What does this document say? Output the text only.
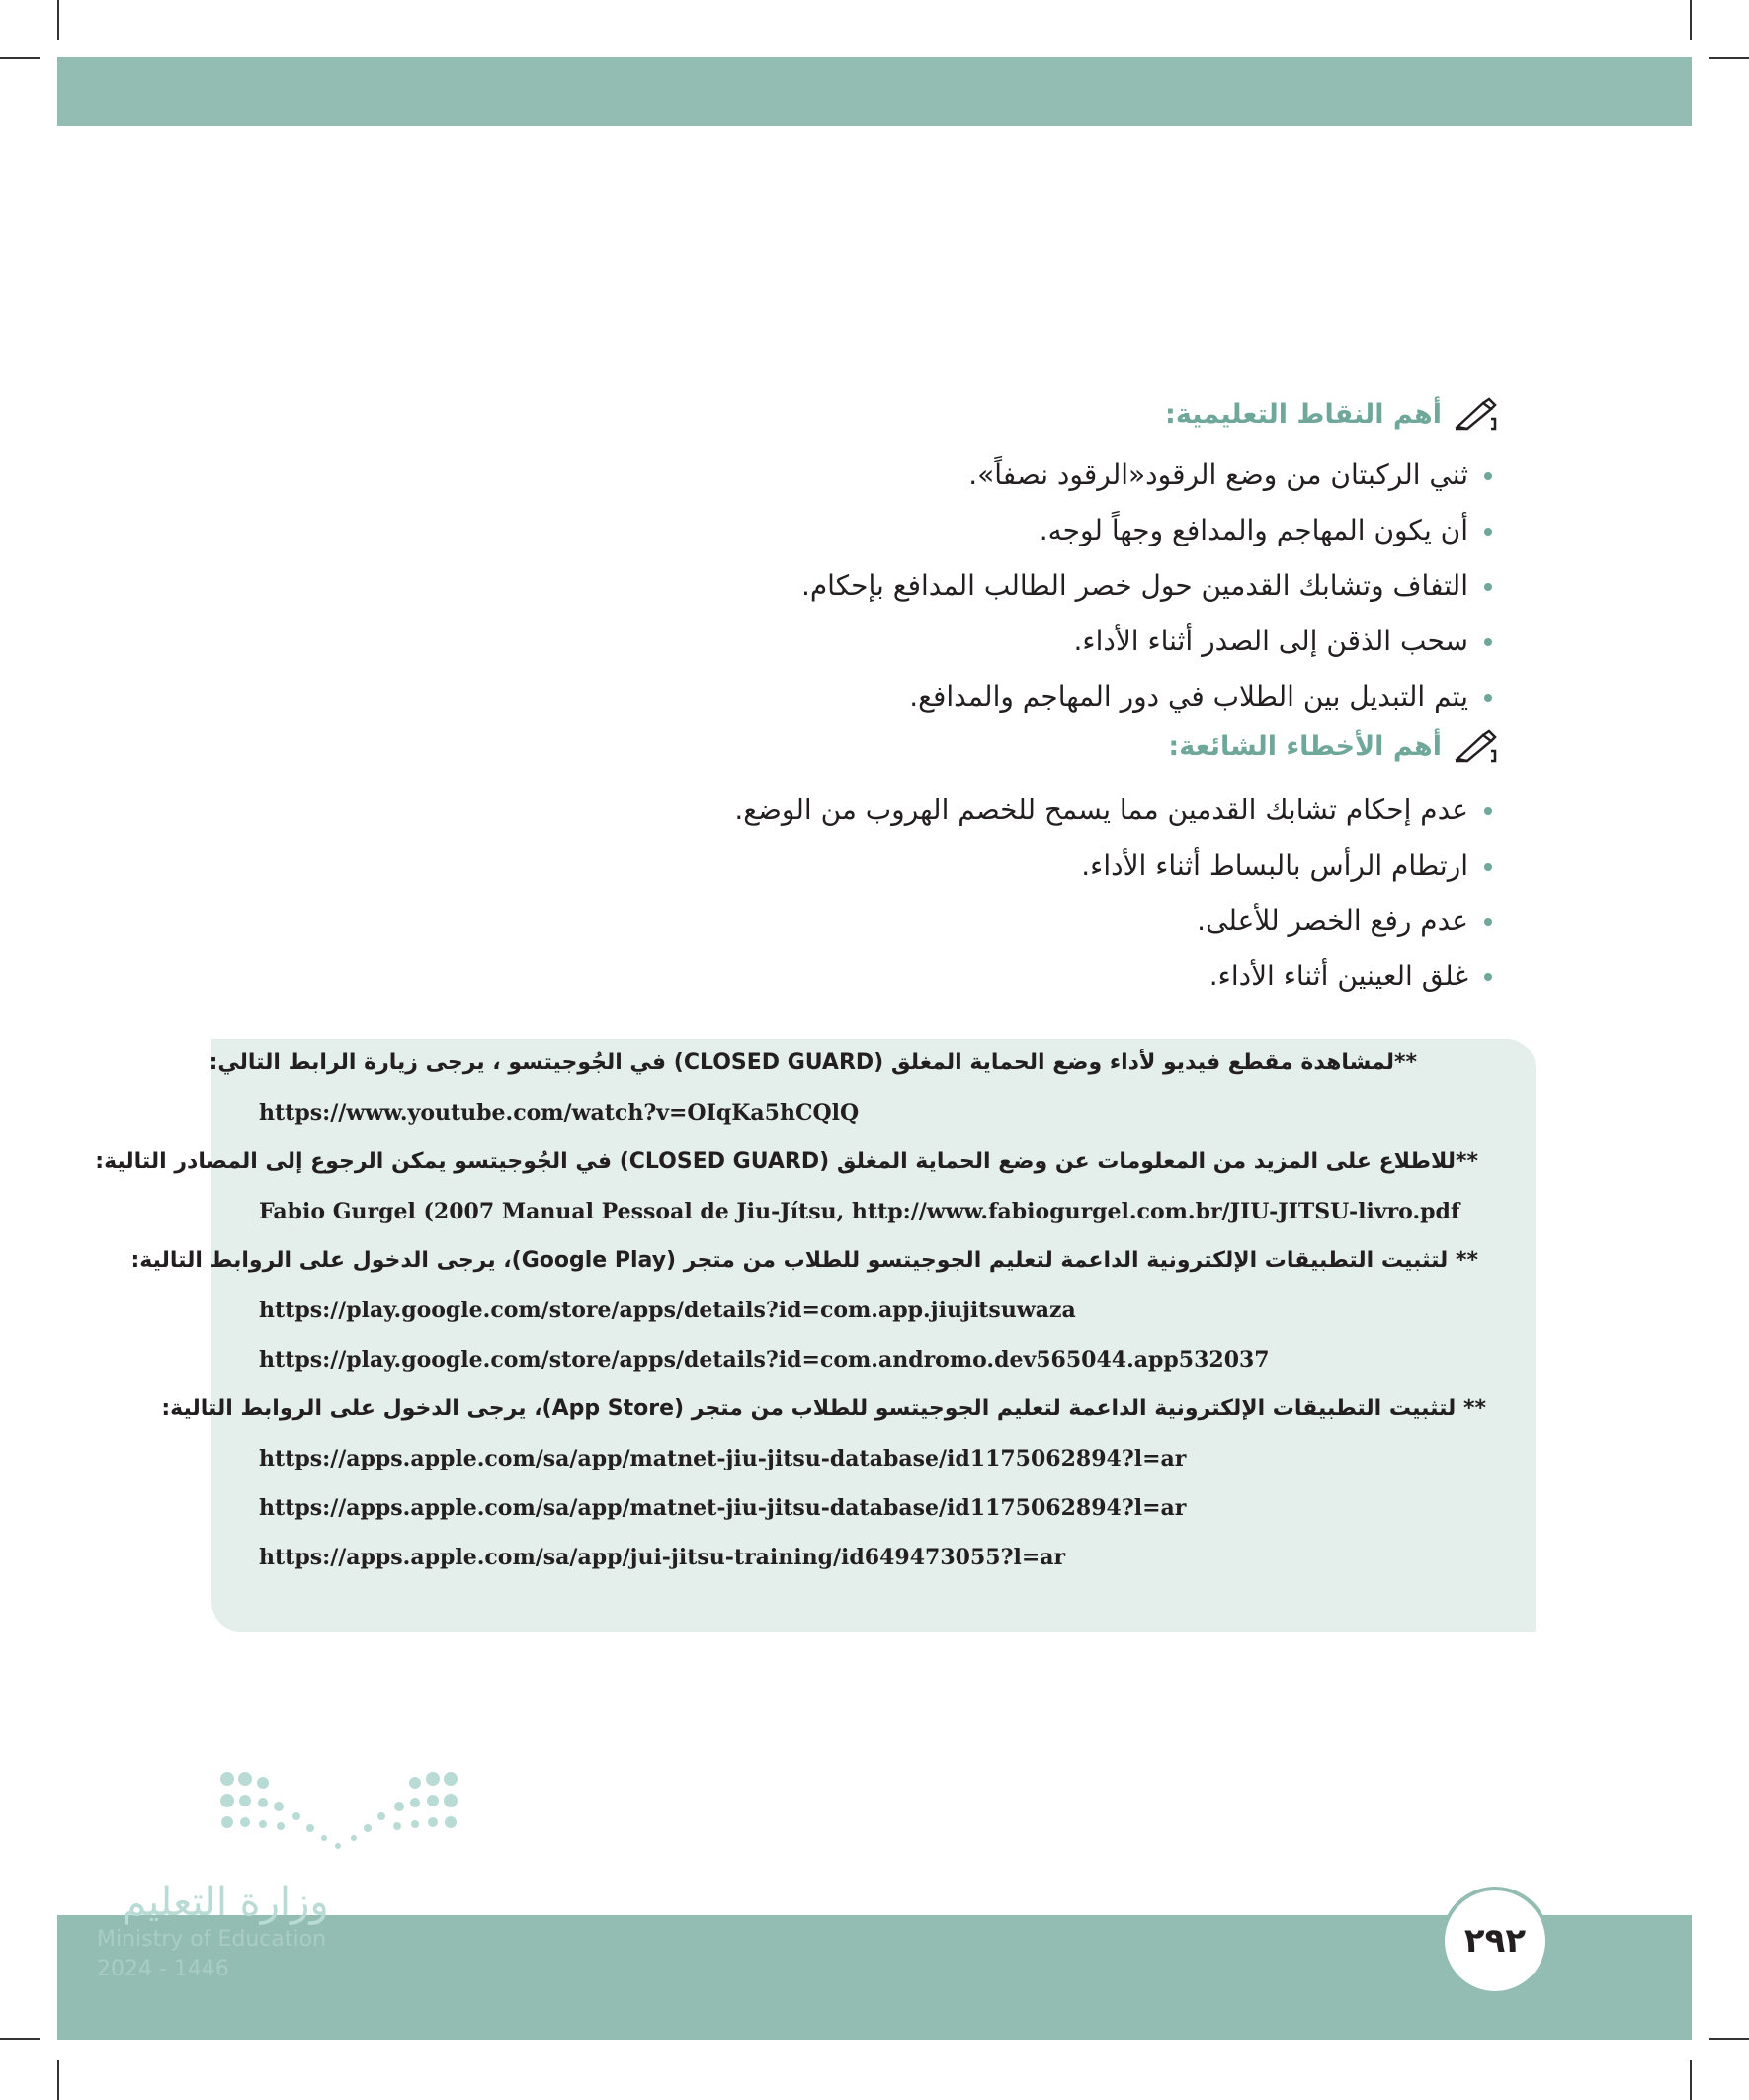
أهم النقاط التعليمية:
ثني الركبتان من وضع الرقود«الرقود نصفاً».
أن يكون المهاجم والمدافع وجهاً لوجه.
التفاف وتشابك القدمين حول خصر الطالب المدافع بإحكام.
سحب الذقن إلى الصدر أثناء الأداء.
يتم التبديل بين الطلاب في دور المهاجم والمدافع.
أهم الأخطاء الشائعة:
عدم إحكام تشابك القدمين مما يسمح للخصم الهروب من الوضع.
ارتطام الرأس بالبساط أثناء الأداء.
عدم رفع الخصر للأعلى.
غلق العينين أثناء الأداء.
**لمشاهدة مقطع فيديو لأداء وضع الحماية المغلق (CLOSED GUARD) في الجُوجيتسو ، يرجى زيارة الرابط التالي:
https://www.youtube.com/watch?v=OIqKa5hCQlQ
**للاطلاع على المزيد من المعلومات عن وضع الحماية المغلق (CLOSED GUARD) في الجُوجيتسو يمكن الرجوع إلى المصادر التالية:
Fabio Gurgel (2007 Manual Pessoal de Jiu-Jítsu, http://www.fabiogurgel.com.br/JIU-JITSU-livro.pdf
** لتثبيت التطبيقات الإلكترونية الداعمة لتعليم الجوجيتسو للطلاب من متجر (Google Play)، يرجى الدخول على الروابط التالية:
https://play.google.com/store/apps/details?id=com.app.jiujitsuwaza
https://play.google.com/store/apps/details?id=com.andromo.dev565044.app532037
** لتثبيت التطبيقات الإلكترونية الداعمة لتعليم الجوجيتسو للطلاب من متجر (App Store)، يرجى الدخول على الروابط التالية:
https://apps.apple.com/sa/app/matnet-jiu-jitsu-database/id1175062894?l=ar
https://apps.apple.com/sa/app/matnet-jiu-jitsu-database/id1175062894?l=ar
https://apps.apple.com/sa/app/jui-jitsu-training/id649473055?l=ar
وزارة التعليم
Ministry of Education
2024 - 1446
٢٩٢
